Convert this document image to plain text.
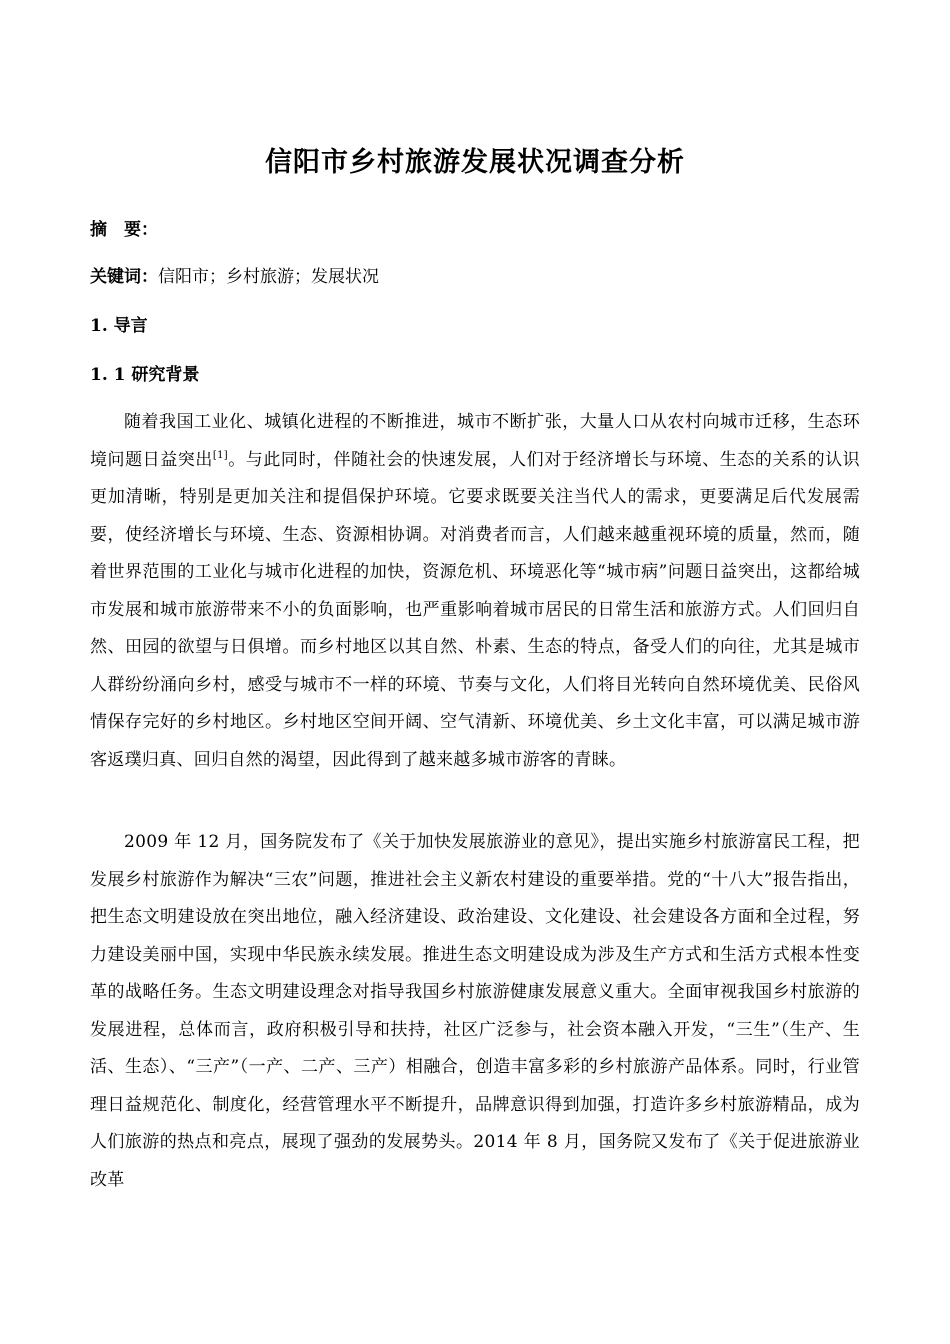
信阳市乡村旅游发展状况调查分析
摘　要：
关键词：信阳市；乡村旅游；发展状况
1. 导言
1. 1 研究背景

随着我国工业化、城镇化进程的不断推进，城市不断扩张，大量人口从农村向城市迁移，生态环境问题日益突出[1]。与此同时，伴随社会的快速发展，人们对于经济增长与环境、生态的关系的认识更加清晰，特别是更加关注和提倡保护环境。它要求既要关注当代人的需求，更要满足后代发展需要，使经济增长与环境、生态、资源相协调。对消费者而言，人们越来越重视环境的质量，然而，随着世界范围的工业化与城市化进程的加快，资源危机、环境恶化等“城市病”问题日益突出，这都给城市发展和城市旅游带来不小的负面影响，也严重影响着城市居民的日常生活和旅游方式。人们回归自然、田园的欲望与日俱增。而乡村地区以其自然、朴素、生态的特点，备受人们的向往，尤其是城市人群纷纷涌向乡村，感受与城市不一样的环境、节奏与文化，人们将目光转向自然环境优美、民俗风情保存完好的乡村地区。乡村地区空间开阔、空气清新、环境优美、乡土文化丰富，可以满足城市游客返璞归真、回归自然的渴望，因此得到了越来越多城市游客的青睐。

2009 年 12 月，国务院发布了《关于加快发展旅游业的意见》，提出实施乡村旅游富民工程，把发展乡村旅游作为解决“三农”问题，推进社会主义新农村建设的重要举措。党的“十八大”报告指出，把生态文明建设放在突出地位，融入经济建设、政治建设、文化建设、社会建设各方面和全过程，努力建设美丽中国，实现中华民族永续发展。推进生态文明建设成为涉及生产方式和生活方式根本性变革的战略任务。生态文明建设理念对指导我国乡村旅游健康发展意义重大。全面审视我国乡村旅游的发展进程，总体而言，政府积极引导和扶持，社区广泛参与，社会资本融入开发，“三生”（生产、生活、生态）、“三产”（一产、二产、三产）相融合，创造丰富多彩的乡村旅游产品体系。同时，行业管理日益规范化、制度化，经营管理水平不断提升，品牌意识得到加强，打造许多乡村旅游精品，成为人们旅游的热点和亮点，展现了强劲的发展势头。2014 年 8 月，国务院又发布了《关于促进旅游业改革
